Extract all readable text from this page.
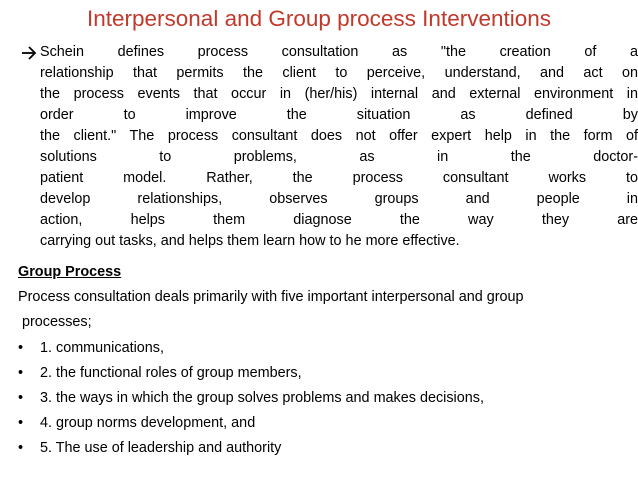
Interpersonal and Group process Interventions
Schein defines process consultation as "the creation of a
relationship that permits the client to perceive, understand, and act on
the process events that occur in (her/his) internal and external environment in
order to improve the situation as defined by
the client." The process consultant does not offer expert help in the form of
solutions to problems, as in the doctor-
patient model. Rather, the process consultant works to
develop relationships, observes groups and people in
action, helps them diagnose the way they are
carrying out tasks, and helps them learn how to he more effective.
Group Process
Process consultation deals primarily with five important interpersonal and group
processes;
• 1. communications,
• 2. the functional roles of group members,
• 3. the ways in which the group solves problems and makes decisions,
• 4. group norms development, and
• 5. The use of leadership and authority
